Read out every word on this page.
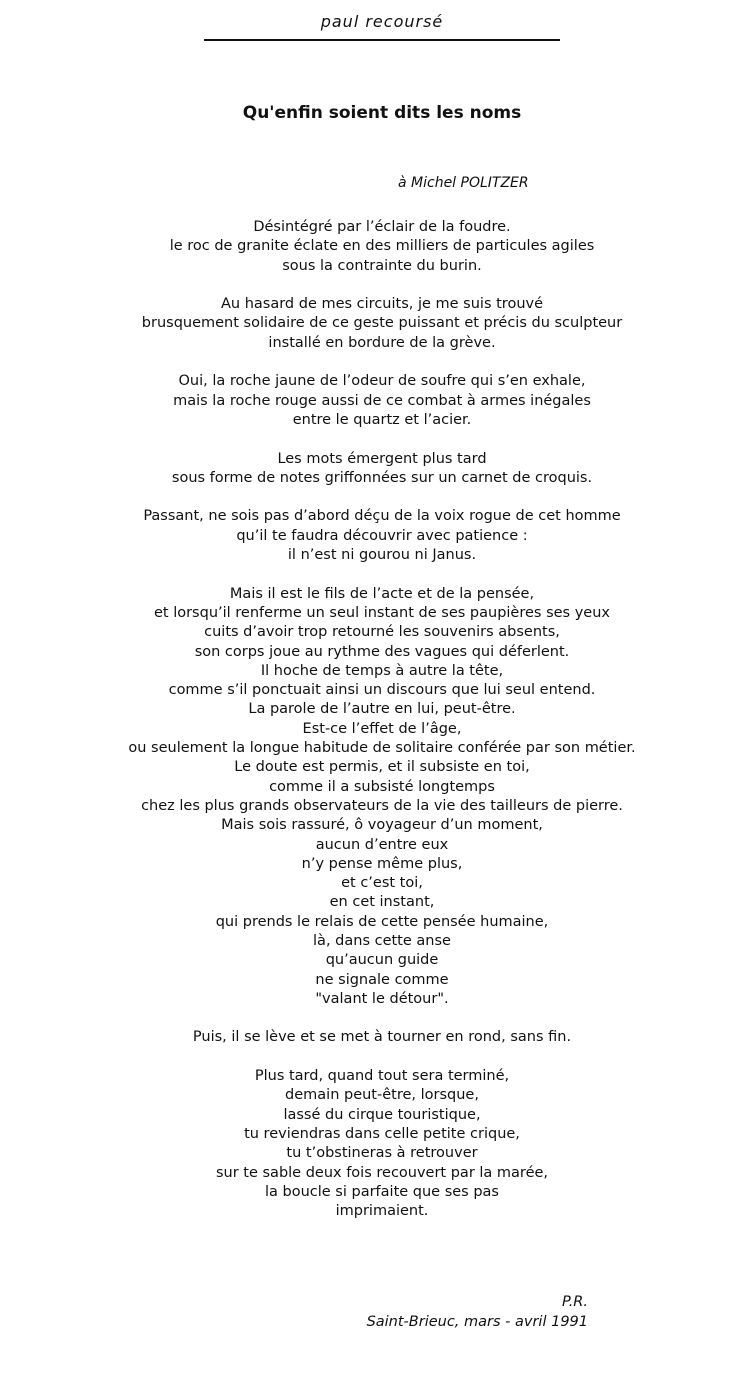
paul recoursé
Qu'enfin soient dits les noms
à Michel POLITZER
Désintégré par l’éclair de la foudre.
le roc de granite éclate en des milliers de particules agiles
sous la contrainte du burin.
Au hasard de mes circuits, je me suis trouvé
brusquement solidaire de ce geste puissant et précis du sculpteur
installé en bordure de la grève.
Oui, la roche jaune de l’odeur de soufre qui s’en exhale,
mais la roche rouge aussi de ce combat à armes inégales
entre le quartz et l’acier.
Les mots émergent plus tard
sous forme de notes griffonnées sur un carnet de croquis.
Passant, ne sois pas d’abord déçu de la voix rogue de cet homme
qu’il te faudra découvrir avec patience :
il n’est ni gourou ni Janus.
Mais il est le fils de l’acte et de la pensée,
et lorsqu’il renferme un seul instant de ses paupières ses yeux
cuits d’avoir trop retourné les souvenirs absents,
son corps joue au rythme des vagues qui déferlent.
Il hoche de temps à autre la tête,
comme s’il ponctuait ainsi un discours que lui seul entend.
La parole de l’autre en lui, peut-être.
Est-ce l’effet de l’âge,
ou seulement la longue habitude de solitaire conférée par son métier.
Le doute est permis, et il subsiste en toi,
comme il a subsisté longtemps
chez les plus grands observateurs de la vie des tailleurs de pierre.
Mais sois rassuré, ô voyageur d’un moment,
aucun d’entre eux
n’y pense même plus,
et c’est toi,
en cet instant,
qui prends le relais de cette pensée humaine,
là, dans cette anse
qu’aucun guide
ne signale comme
"valant le détour".
Puis, il se lève et se met à tourner en rond, sans fin.
Plus tard, quand tout sera terminé,
demain peut-être, lorsque,
lassé du cirque touristique,
tu reviendras dans celle petite crique,
tu t’obstineras à retrouver
sur te sable deux fois recouvert par la marée,
la boucle si parfaite que ses pas
imprimaient.
P.R.
Saint-Brieuc, mars - avril 1991
